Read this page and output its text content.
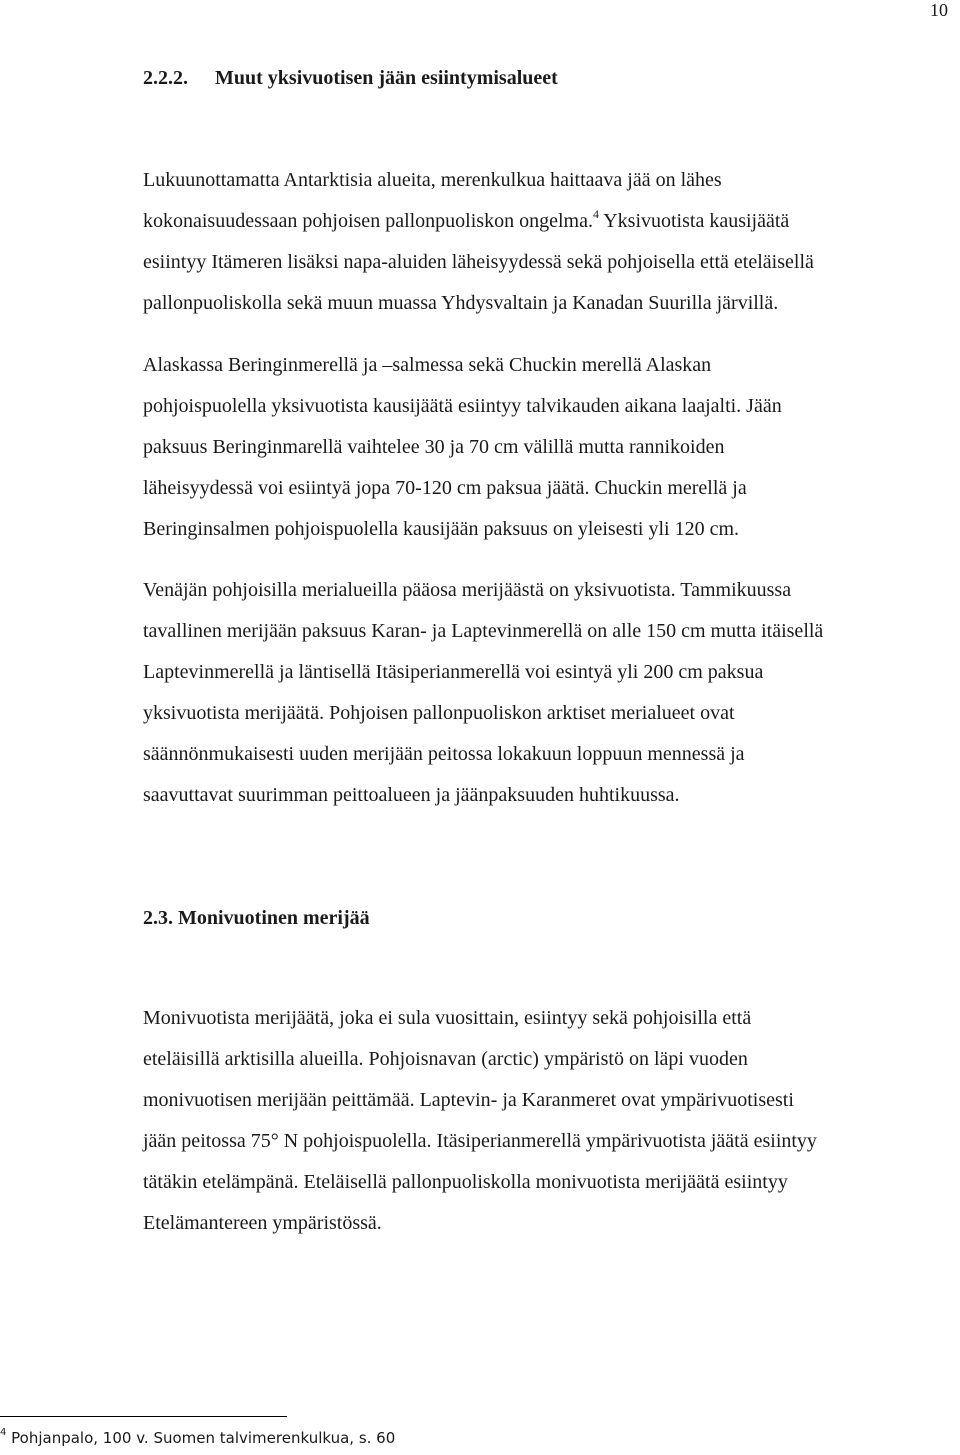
10
2.2.2. Muut yksivuotisen jään esiintymisalueet

Lukuunottamatta Antarktisia alueita, merenkulkua haittaava jää on lähes
kokonaisuudessaan pohjoisen pallonpuoliskon ongelma.$^4$ Yksivuotista kausijäätä
esiintyy Itämeren lisäksi napa-aluiden läheisyydessä sekä pohjoisella että eteläisellä
pallonpuoliskolla sekä muun muassa Yhdysvaltain ja Kanadan Suurilla järvillä.

Alaskassa Beringinmerellä ja –salmessa sekä Chuckin merellä Alaskan
pohjoispuolella yksivuotista kausijäätä esiintyy talvikauden aikana laajalti. Jään
paksuus Beringinmarellä vaihtelee 30 ja 70 cm välillä mutta rannikoiden
läheisyydessä voi esiintyä jopa 70-120 cm paksua jäätä. Chuckin merellä ja
Beringinsalmen pohjoispuolella kausijään paksuus on yleisesti yli 120 cm.

Venäjän pohjoisilla merialueilla pääosa merijäästä on yksivuotista. Tammikuussa
tavallinen merijään paksuus Karan- ja Laptevinmerellä on alle 150 cm mutta itäisellä
Laptevinmerellä ja läntisellä Itäsiperianmerellä voi esintyä yli 200 cm paksua
yksivuotista merijäätä. Pohjoisen pallonpuoliskon arktiset merialueet ovat
säännönmukaisesti uuden merijään peitossa lokakuun loppuun mennessä ja
saavuttavat suurimman peittoalueen ja jäänpaksuuden huhtikuussa.

2.3. Monivuotinen merijää

Monivuotista merijäätä, joka ei sula vuosittain, esiintyy sekä pohjoisilla että
eteläisillä arktisilla alueilla. Pohjoisnavan (arctic) ympäristö on läpi vuoden
monivuotisen merijään peittämää. Laptevin- ja Karanmeret ovat ympärivuotisesti
jään peitossa 75° N pohjoispuolella. Itäsiperianmerellä ympärivuotista jäätä esiintyy
tätäkin etelämpänä. Eteläisellä pallonpuoliskolla monivuotista merijäätä esiintyy
Etelämantereen ympäristössä.

$^4$ Pohjanpalo, 100 v. Suomen talvimerenkulkua, s. 60
